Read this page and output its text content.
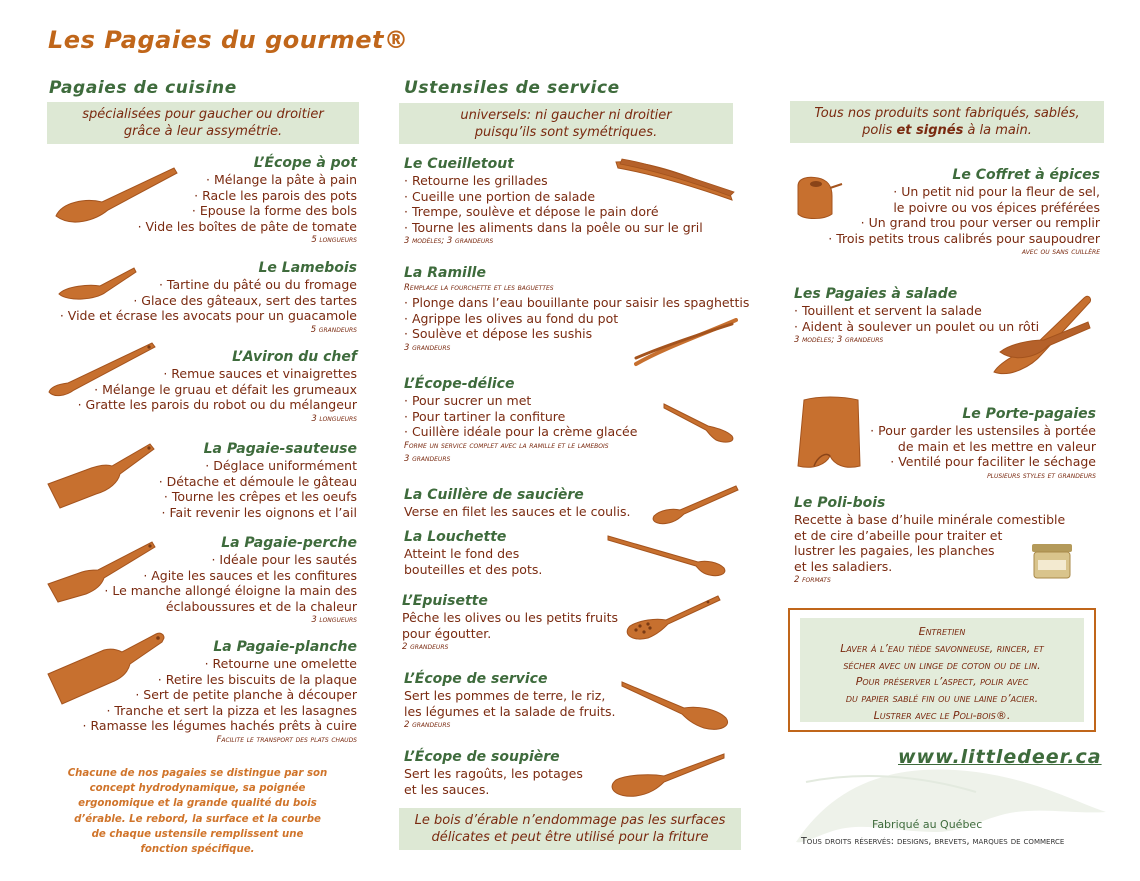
Les Pagaies du gourmet®
Pagaies de cuisine
spécialisées pour gaucher ou droitier
grâce à leur assymétrie.
L’Écope à pot
· Mélange la pâte à pain
· Racle les parois des pots
· Epouse la forme des bols
· Vide les boîtes de pâte de tomate
5 longueurs
Le Lamebois
· Tartine du pâté ou du fromage
· Glace des gâteaux, sert des tartes
· Vide et écrase les avocats pour un guacamole
5 grandeurs
L’Aviron du chef
· Remue sauces et vinaigrettes
· Mélange le gruau et défait les grumeaux
· Gratte les parois du robot ou du mélangeur
3 longueurs
La Pagaie-sauteuse
· Déglace uniformément
· Détache et démoule le gâteau
· Tourne les crêpes et les oeufs
· Fait revenir les oignons et l’ail
La Pagaie-perche
· Idéale pour les sautés
· Agite les sauces et les confitures
· Le manche allongé éloigne la main des
éclaboussures et de la chaleur
3 longueurs
La Pagaie-planche
· Retourne une omelette
· Retire les biscuits de la plaque
· Sert de petite planche à découper
· Tranche et sert la pizza et les lasagnes
· Ramasse les légumes hachés prêts à cuire
Facilite le transport des plats chauds
Chacune de nos pagaies se distingue par son
concept hydrodynamique, sa poignée
ergonomique et la grande qualité du bois
d’érable. Le rebord, la surface et la courbe
de chaque ustensile remplissent une
fonction spécifique.
Ustensiles de service
universels: ni gaucher ni droitier
puisqu’ils sont symétriques.
Le Cueilletout
· Retourne les grillades
· Cueille une portion de salade
· Trempe, soulève et dépose le pain doré
· Tourne les aliments dans la poêle ou sur le gril
3 modèles; 3 grandeurs
La Ramille
Remplace la fourchette et les baguettes
· Plonge dans l’eau bouillante pour saisir les spaghettis
· Agrippe les olives au fond du pot
· Soulève et dépose les sushis
3 grandeurs
L’Écope-délice
· Pour sucrer un met
· Pour tartiner la confiture
· Cuillère idéale pour la crème glacée
Forme un service complet avec la ramille et le lamebois
3 grandeurs
La Cuillère de saucière
Verse en filet les sauces et le coulis.
La Louchette
Atteint le fond des
bouteilles et des pots.
L’Epuisette
Pêche les olives ou les petits fruits
pour égoutter.
2 grandeurs
L’Écope de service
Sert les pommes de terre, le riz,
les légumes et la salade de fruits.
2 grandeurs
L’Écope de soupière
Sert les ragoûts, les potages
et les sauces.
Le bois d’érable n’endommage pas les surfaces
délicates et peut être utilisé pour la friture
Tous nos produits sont fabriqués, sablés,
polis et signés à la main.
Le Coffret à épices
· Un petit nid pour la fleur de sel,
le poivre ou vos épices préférées
· Un grand trou pour verser ou remplir
· Trois petits trous calibrés pour saupoudrer
avec ou sans cuillère
Les Pagaies à salade
· Touillent et servent la salade
· Aident à soulever un poulet ou un rôti
3 modèles; 3 grandeurs
Le Porte-pagaies
· Pour garder les ustensiles à portée
de main et les mettre en valeur
· Ventilé pour faciliter le séchage
plusieurs styles et grandeurs
Le Poli-bois
Recette à base d’huile minérale comestible
et de cire d’abeille pour traiter et
lustrer les pagaies, les planches
et les saladiers.
2 formats
Entretien
Laver à l’eau tiède savonneuse, rincer, et
sécher avec un linge de coton ou de lin.
Pour préserver l’aspect, polir avec
du papier sablé fin ou une laine d’acier.
Lustrer avec le Poli-bois®.
www.littledeer.ca
Fabriqué au Québec
Tous droits réservés: designs, brevets, marques de commerce
